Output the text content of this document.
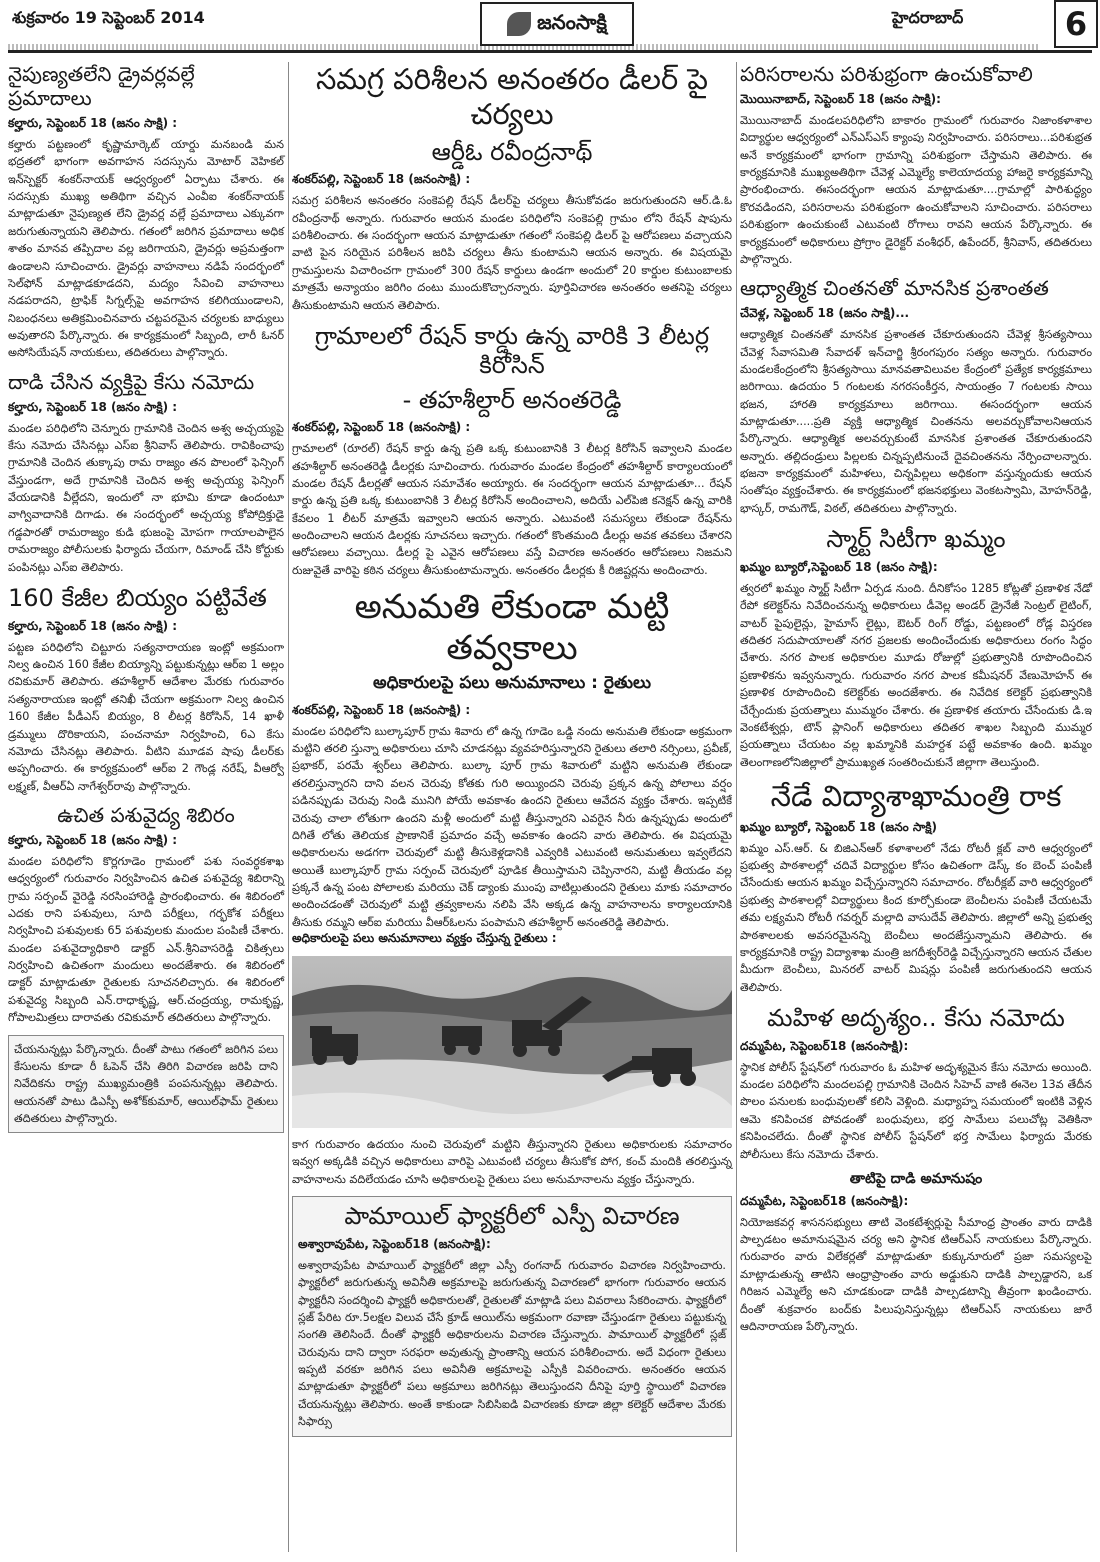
శుక్రవారం 19 సెప్టెంబర్ 2014	జనంసాక్షి	హైదరాబాద్	6
నైపుణ్యతలేని డ్రైవర్లవల్లే ప్రమాదాలు

కల్హారు, సెప్టెంబర్ 18 (జనం సాక్షి) :

కల్హారు పట్టణంలో కృష్ణామార్కెట్ యార్డు మనబండి మన భద్రతలో భాగంగా అవగాహన సదస్సును మోటార్ వెహికల్ ఇన్‌స్పెక్టర్ శంకర్‌నాయక్ ఆధ్వర్యంలో ఏర్పాటు చేశారు. ఈ సదస్సుకు ముఖ్య అతిథిగా వచ్చిన ఎంవీఐ శంకర్‌నాయక్ మాట్లాడుతూ నైపుణ్యత లేని డ్రైవర్ల వల్లే ప్రమాదాలు ఎక్కువగా జరుగుతున్నాయని తెలిపారు. గతంలో జరిగిన ప్రమాదాలు అధిక శాతం మానవ తప్పిదాల వల్ల జరిగాయని, డ్రైవర్లు అప్రమత్తంగా ఉండాలని సూచించారు. డ్రైవర్లు వాహనాలు నడిపే సందర్భంలో సెల్‌ఫోన్ మాట్లాడకూడదని, మద్యం సేవించి వాహనాలు నడపరాదని, ట్రాఫిక్ సిగ్నల్స్‌పై అవగాహన కలిగియుండాలని, నిబంధనలు అతిక్రమించినవారు చట్టపరమైన చర్యలకు బాధ్యులు అవుతారని పేర్కొన్నారు. ఈ కార్యక్రమంలో సిబ్బంది, లారీ ఓనర్ అసోసియేషన్ నాయకులు, తదితరులు పాల్గొన్నారు.

దాడి చేసిన వ్యక్తిపై కేసు నమోదు

కల్హారు, సెప్టెంబర్ 18 (జనం సాక్షి) :

మండల పరిధిలోని చెన్నూరు గ్రామానికి చెందిన అశ్వ అచ్చయ్యపై కేసు నమోదు చేసినట్లు ఎస్ఐ శ్రీనివాస్ తెలిపారు. రావికించాపు గ్రామానికి చెందిన తుక్కాపు రామ రాజ్యం తన పొలంలో ఫెన్సింగ్ వేస్తుండగా, అదే గ్రామానికి చెందిన అశ్వ అచ్చయ్య ఫెన్సింగ్ వేయడానికి వీల్లేదని, ఇందులో నా భూమి కూడా ఉందంటూ వాగ్వివాదానికి దిగాడు. ఈ సందర్భంలో అచ్చయ్య కోపోద్రిక్తుడై గడ్డపారతో రామరాజ్యం కుడి భుజంపై మోపగా గాయాలపాలైన రామరాజ్యం పోలీసులకు ఫిర్యాదు చేయగా, రిమాండ్ చేసి కోర్టుకు పంపినట్లు ఎస్ఐ తెలిపారు.

160 కేజీల బియ్యం పట్టివేత

కల్హారు, సెప్టెంబర్ 18 (జనం సాక్షి) :

పట్టణ పరిధిలోని చిట్టూరు సత్యనారాయణ ఇంట్లో అక్రమంగా నిల్వ ఉంచిన 160 కేజీల బియ్యాన్ని పట్టుకున్నట్లు ఆర్ఐ 1 అల్లం రవికుమార్ తెలిపారు. తహశీల్దార్ ఆదేశాల మేరకు గురువారం సత్యనారాయణ ఇంట్లో తనిఖీ చేయగా అక్రమంగా నిల్వ ఉంచిన 160 కేజీల పీడీఎస్ బియ్యం, 8 లీటర్ల కిరోసిన్, 14 ఖాళీ డ్రమ్ములు దొరికాయని, పంచనామా నిర్వహించి, 6ఎ కేసు నమోదు చేసినట్లు తెలిపారు. వీటిని మూడవ షాపు డీలర్‌కు అప్పగించారు. ఈ కార్యక్రమంలో ఆర్ఐ 2 గౌండ్ల నరేష్, వీఆర్వో లక్ష్మణ్, వీఆర్ఏ నాగేశ్వర్‌రావు పాల్గొన్నారు.

ఉచిత పశువైద్య శిబిరం

కల్హారు, సెప్టెంబర్ 18 (జనం సాక్షి) :

మండల పరిధిలోని కొర్లగూడెం గ్రామంలో పశు సంవర్ధకశాఖ ఆధ్వర్యంలో గురువారం నిర్వహించిన ఉచిత పశువైద్య శిబిరాన్ని గ్రామ సర్పంచ్ వైరెడ్డి నరసింహారెడ్డి ప్రారంభించారు. ఈ శిబిరంలో ఎదకు రాని పశువులు, సూది పరీక్షలు, గర్భకోశ పరీక్షలు నిర్వహించి పశువులకు 65 పశువులకు మందుల పంపిణీ చేశారు. మండల పశువైద్యాధికారి డాక్టర్ ఎన్.శ్రీనివాసరెడ్డి చికిత్సలు నిర్వహించి ఉచితంగా మందులు అందజేశారు. ఈ శిబిరంలో డాక్టర్ మాట్లాడుతూ రైతులకు సూచనలిచ్చారు. ఈ శిబిరంలో పశువైద్య సిబ్బంది ఎన్.రాధాకృష్ణ, ఆర్.చంద్రయ్య, రామకృష్ణ, గోపాలమిత్రలు దారావతు రవికుమార్ తదితరులు పాల్గొన్నారు.

చేయనున్నట్లు పేర్కొన్నారు. దీంతో పాటు గతంలో జరిగిన పలు కేసులను కూడా రీ ఓపెన్ చేసి తిరిగి విచారణ జరిపి దాని నివేదికను రాష్ట్ర ముఖ్యమంత్రికి పంపనున్నట్లు తెలిపారు. ఆయనతో పాటు డిఎస్పీ అశోక్‌కుమార్, ఆయిల్‌ఫామ్ రైతులు తదితరులు పాల్గొన్నారు.

సమగ్ర పరిశీలన అనంతరం డీలర్ పై చర్యలు
ఆర్డీఓ రవీంద్రనాథ్

శంకర్‌పల్లి, సెప్టెంబర్ 18 (జనంసాక్షి) :

సమగ్ర పరిశీలన అనంతరం సంకెపల్లి రేషన్ డీలర్‌పై చర్యలు తీసుకోవడం జరుగుతుందని ఆర్.డి.ఓ రవీంద్రనాథ్ అన్నారు. గురువారం ఆయన మండల పరిధిలోని సంకెపల్లి గ్రామం లోని రేషన్ షాపును పరిశీలించారు. ఈ సందర్భంగా ఆయన మాట్లాడుతూ గతంలో సంకెపల్లి డిలర్ పై ఆరోపణలు వచ్చాయని వాటి పైన సరియైన పరిశీలన జరిపి చర్యలు తీసు కుంటామని ఆయన అన్నారు. ఈ విషయమై గ్రామస్తులను విచారించగా గ్రామంలో 300 రేషన్ కార్డులు ఉండగా అందులో 20 కార్డుల కుటుంబాలకు మాత్రమే అన్యాయం జరిగిం దంటు ముందుకొచ్చారన్నారు. పూర్తివిచారణ అనంతరం అతనిపై చర్యలు తీసుకుంటామని ఆయన తెలిపారు.

గ్రామాలలో రేషన్ కార్డు ఉన్న వారికి 3 లీటర్ల కిరోసిన్
- తహశీల్దార్ అనంతరెడ్డి

శంకర్‌పల్లి, సెప్టెంబర్ 18 (జనంసాక్షి) :

గ్రామాలలో (రూరల్) రేషన్ కార్డు ఉన్న ప్రతి ఒక్క కుటుంబానికి 3 లీటర్ల కిరోసిన్ ఇవ్వాలని మండల తహశీల్దార్ అనంతరెడ్డి డీలర్లకు సూచించారు. గురువారం మండల కేంద్రంలో తహశీల్దార్ కార్యాలయంలో మండల రేషన్ డీలర్లతో ఆయన సమావేశం అయ్యారు. ఈ సందర్భంగా ఆయన మాట్లాడుతూ... రేషన్ కార్డు ఉన్న ప్రతి ఒక్క కుటుంబానికి 3 లీటర్ల కిరోసిన్ అందించాలని, అదియే ఎల్‌పిజి కనెక్షన్ ఉన్న వారికి కేవలం 1 లీటర్ మాత్రమే ఇవ్వాలని ఆయన అన్నారు. ఎటువంటి సమస్యలు లేకుండా రేషన్‌ను అందించాలని ఆయన డిలర్లకు సూచనలు ఇచ్చారు. గతంలో కొంతమంది డీలర్లు అవక తవకలు చేశారని ఆరోపణలు వచ్చాయి. డీలర్ల పై ఎవైన ఆరోపణలు వస్తే విచారణ అనంతరం ఆరోపణలు నిజమని రుజువైతే వారిపై కఠిన చర్యలు తీసుకుంటామన్నారు. అనంతరం డీలర్లకు కీ రిజిష్టర్లను అందించారు.

అనుమతి లేకుండా మట్టి తవ్వకాలు

అధికారులపై పలు అనుమానాలు : రైతులు

శంకర్‌పల్లి, సెప్టెంబర్ 18 (జనంసాక్షి) :

మండల పరిధిలోని బుల్కాపూర్ గ్రామ శివారు లో ఉన్న గూడెం ఒడ్డి నందు అనుమతి లేకుండా అక్రమంగా మట్టిని తరలి స్తున్నా అధికారులు చూసి చూడనట్లు వ్యవహరిస్తున్నారని రైతులు తలారి నర్సింలు, ప్రవీణ్, ప్రభాకర్, పరమే శ్వర్‌లు తెలిపారు. బుల్కా పూర్ గ్రామ శివారులో మట్టిని అనుమతి లేకుండా తరలిస్తున్నారని దాని వలన చెరువు కోతకు గురి అయ్యిందని చెరువు ప్రక్కన ఉన్న పోలాలు వర్షం పడినప్పుడు చెరువు నిండి మునిగి పోయే అవకాశం ఉందని రైతులు ఆవేదన వ్యక్తం చేశారు. ఇప్పటికే చెరువు చాలా లోతుగా ఉందని మళ్లీ అందులో మట్టి తీస్తున్నారని ఎవరైన నీరు ఉన్నప్పుడు అందులో దిగితే లోతు తెలియక ప్రాణానికే ప్రమాదం వచ్చే అవకాశం ఉందని వారు తెలిపారు. ఈ విషయమై అధికారులను అడగగా చెరువులో మట్టి తీసుకెళ్లడానికి ఎవ్వరికి ఎటువంటి అనుమతులు ఇవ్వలేదని అయితే బుల్కాపూర్ గ్రామ సర్పంచ్ చెరువులో పూడిక తీయిస్తామని చెప్పినారని, మట్టి తీయడం వల్ల ప్రక్కనే ఉన్న పంట పోలాలకు మరియు చెక్ డ్యాంకు ముంపు వాటిల్లుతుందని రైతులు మాకు సమాచారం అందించడంతో చెరువులో మట్టి త్రవ్వకాలను నలిపి వేసి అక్కడ ఉన్న వాహనాలను కార్యాలయానికి తీసుకు రమ్మని ఆర్ఐ మరియు వీఆర్ఓలను పంపామని తహశీల్దార్ అనంతరెడ్డి తెలిపారు.

అధికారులపై పలు అనుమానాలు వ్యక్తం చేస్తున్న రైతులు :

కాగ గురువారం ఉదయం నుంచి చెరువులో మట్టిని తీస్తున్నారని రైతులు అధికారులకు సమాచారం ఇవ్వగ అక్కడికి వచ్చిన అధికారులు వారిపై ఎటువంటి చర్యలు తీసుకోక పోగ, కంచ్ మందికి తరలిస్తున్న వాహనాలను వదిలేయడం చూసి అధికారులపై రైతులు పలు అనుమానాలను వ్యక్తం చేస్తున్నారు.

పామాయిల్ ఫ్యాక్టరీలో ఎస్పీ విచారణ

అశ్వారావుపేట, సెప్టెంబర్18 (జనంసాక్షి):

అశ్వారావుపేట పామాయిల్ ఫ్యాక్టరీలో జిల్లా ఎస్పీ రంగనాద్ గురువారం విచారణ నిర్వహించారు. ఫ్యాక్టరీలో జరుగుతున్న అవినీతి అక్రమాలపై జరుగుతున్న విచారణలో భాగంగా గురువారం ఆయన ఫ్యాక్టరీని సందర్శించి ఫ్యాక్టరీ అధికారులతో, రైతులతో మాట్లాడి పలు వివరాలు సేకరించారు. ఫ్యాక్టరీలో స్లజ్ పేరిట రూ.5లక్షల విలువ చేసే క్రూడ్ ఆయిల్‌ను అక్రమంగా రవాణా చేస్తుండగా రైతులు పట్టుకున్న సంగతి తెలిసిందే. దీంతో ఫ్యాక్టరీ అధికారులను విచారణ చేస్తున్నారు. పామాయిల్ ఫ్యాక్టరీలో స్లజ్ చెరువును దాని ద్వారా సరఫరా అవుతున్న ప్రాంతాన్ని ఆయన పరిశీలించారు. అదే విధంగా రైతులు ఇప్పటి వరకూ జరిగిన పలు అవినీతి అక్రమాలపై ఎస్పీకి వివరించారు. అనంతరం ఆయన మాట్లాడుతూ ఫ్యాక్టరీలో పలు అక్రమాలు జరిగినట్లు తెలుస్తుందని దీనిపై పూర్తి స్థాయిలో విచారణ చేయనున్నట్లు తెలిపారు. అంతే కాకుండా సిబిసిఐడి విచారణకు కూడా జిల్లా కలెక్టర్ ఆదేశాల మేరకు సిఫార్సు

పరిసరాలను పరిశుభ్రంగా ఉంచుకోవాలి

మొయినాబాద్, సెప్టెంబర్ 18 (జనం సాక్షి):

మొయినాబాద్ మండలపరిధిలోని బాకారం గ్రామంలో గురువారం నిజాంకళాశాల విద్యార్థుల ఆధ్వర్యంలో ఎన్ఎస్ఎస్ క్యాంపు నిర్వహించారు. పరిసరాలు...పరిశుభ్రత అనే కార్యక్రమంలో భాగంగా గ్రామాన్ని పరిశుభ్రంగా చేస్తామని తెలిపారు. ఈ కార్యక్రమానికి ముఖ్యఅతిథిగా చేవెళ్ల ఎమ్మెల్యే కాలెయాదయ్య హాజరై కార్యక్రమాన్ని ప్రారంభించారు. ఈసందర్భంగా ఆయన మాట్లాడుతూ....గ్రామాల్లో పారిశుద్ధ్యం కొరవడిందని, పరిసరాలను పరిశుభ్రంగా ఉంచుకోవాలని సూచించారు. పరిసరాలు పరిశుభ్రంగా ఉంచుకుంటే ఎటువంటి రోగాలు రావని ఆయన పేర్కొన్నారు. ఈ కార్యక్రమంలో అధికారులు ప్రోగ్రాం డైరెక్టర్ వంశీధర్, ఉపేందర్, శ్రీనివాస్, తదితరులు పాల్గొన్నారు.

ఆధ్యాత్మిక చింతనతో మానసిక ప్రశాంతత

చేవెళ్ల, సెప్టెంబర్ 18 (జనం సాక్షి)...

ఆధ్యాత్మిక చింతనతో మానసిక ప్రశాంతత చేకూరుతుందని చేవెళ్ల శ్రీసత్యసాయి చేవెళ్ల సేవాసమితి సేవాదళ్ ఇన్‌చార్జి శ్రీరంగపురం సత్యం అన్నారు. గురువారం మండలకేంద్రంలోని శ్రీసత్యసాయి మానవతావిలువల కేంద్రంలో ప్రత్యేక కార్యక్రమాలు జరిగాయి. ఉదయం 5 గంటలకు నగరసంకీర్తన, సాయంత్రం 7 గంటలకు సాయి భజన, హారతి కార్యక్రమాలు జరిగాయి. ఈసందర్భంగా ఆయన మాట్లాడుతూ.....ప్రతి వ్యక్తి ఆధ్యాత్మిక చింతనను అలవర్చుకోవాలనిఆయన పేర్కొన్నారు. ఆధ్యాత్మిక అలవర్చుకుంటే మానసిక ప్రశాంతత చేకూరుతుందని అన్నారు. తల్లిదండ్రులు పిల్లలకు చిన్నప్పటినుంచే దైవచింతనను నేర్పించాలన్నారు. భజనా కార్యక్రమంలో మహిళలు, చిన్నపిల్లలు అధికంగా వస్తున్నందుకు ఆయన సంతోషం వ్యక్తంచేశారు. ఈ కార్యక్రమంలో భజనభక్తులు వెంకటస్వామి, మోహన్‌రెడ్డి, భాస్కర్, రామగౌడ్, విఠల్, తదితరులు పాల్గొన్నారు.

స్మార్ట్ సిటీగా ఖమ్మం

ఖమ్మం బ్యూరో,సెప్టెంబర్ 18 (జనం సాక్షి):

త్వరలో ఖమ్మం స్మార్ట్ సిటీగా ఏర్పడ నుంది. దీనికోసం 1285 కోట్లతో ప్రణాళిక నేడో రేపో కలెక్టర్‌ను నివేదించనున్న అధికారులు డీవెల్ల అండర్ డ్రైనేజీ సెంట్రల్ లైటింగ్, వాటర్ పైపులైన్లు, హైమాస్ లైట్లు, ఔటర్ రింగ్ రోడ్డు, పట్టణంలో రోడ్ల విస్తరణ తదితర సదుపాయాలతో నగర ప్రజలకు అందించేందుకు అధికారులు రంగం సిద్ధం చేశారు. నగర పాలక అధికారుల మూడు రోజుల్లో ప్రభుత్వానికి రూపొందించిన ప్రణాళికను ఇవ్వనున్నారు. గురువారం నగర పాలక కమీషనర్ వేణుమోహన్ ఈ ప్రణాళిక రూపొందించి కలెక్టర్‌కు అందజేశారు. ఈ నివేదిక కలెక్టర్ ప్రభుత్వానికి చేర్చేందుకు ప్రయత్నాలు ముమ్మరం చేశారు. ఈ ప్రణాళిక తయారు చేసేందుకు డి.ఇ వెంకటేశ్వర్లు, టౌన్ ప్లానింగ్ అధికారులు తదితర శాఖల సిబ్బంది ముమ్మర ప్రయత్నాలు చేయటం వల్ల ఖమ్మానికి మహర్దశ పట్టే అవకాశం ఉంది. ఖమ్మం తెలంగాణలోనిజిల్లాలో ప్రాముఖ్యత సంతరించుకునే జిల్లాగా తెలుస్తుంది.

నేడే విద్యాశాఖామంత్రి రాక

ఖమ్మం బ్యూరో, సెప్టెంబర్ 18 (జనం సాక్షి)

ఖమ్మం ఎస్.ఆర్. & బిజిఎన్ఆర్ కళాశాలలో నేడు రోటరీ క్లబ్ వారి ఆధ్వర్యంలో ప్రభుత్వ పాఠశాలల్లో చదివే విద్యార్థుల కోసం ఉచితంగా డెస్క్ కం బెంచ్ పంపిణీ చేసేందుకు ఆయన ఖమ్మం విచ్చేస్తున్నారని సమాచారం. రోటరీక్లబ్ వారి ఆధ్వర్యంలో ప్రభుత్వ పాఠశాలల్లో విద్యార్థులు కింద కూర్చోకుండా బెంచీలను పంపిణీ చేయటమే తమ లక్ష్యమని రోటరీ గవర్నర్ మల్లాది వాసుదేవ్ తెలిపారు. జిల్లాలో అన్ని ప్రభుత్వ పాఠశాలలకు అవసరమైనన్ని బెంచీలు అందజేస్తున్నామని తెలిపారు. ఈ కార్యక్రమానికి రాష్ట్ర విద్యాశాఖ మంత్రి జగదీశ్వర్‌రెడ్డి విచ్చేస్తున్నారని ఆయన చేతుల మీదుగా బెంచీలు, మినరల్ వాటర్ మిషన్లు పంపిణీ జరుగుతుందని ఆయన తెలిపారు.

మహిళ అదృశ్యం.. కేసు నమోదు

దమ్మపేట, సెప్టెంబర్18 (జనంసాక్షి):

స్థానిక పోలీస్ స్టేషన్‌లో గురువారం ఓ మహిళ అదృశ్యమైన కేసు నమోదు అయింది. మండల పరిధిలోని మందలపల్లి గ్రామానికి చెందిన సిహెచ్ వాణి ఈనెల 13వ తేదీన పొలం పనులకు బంధువులతో కలిసి వెళ్లింది. మధ్యాహ్న సమయంలో ఇంటికి వెళ్లిన ఆమె కనిపించక పోవడంతో బంధువులు, భర్త సామేలు పలుచోట్ల వెతికినా కనిపించలేదు. దీంతో స్థానిక పోలీస్ స్టేషన్‌లో భర్త సామేలు ఫిర్యాదు మేరకు పోలీసులు కేసు నమోదు చేశారు.

తాటిపై దాడి అమానుషం

దమ్మపేట, సెప్టెంబర్18 (జనంసాక్షి):

నియోజకవర్గ శాసనసభ్యులు తాటి వెంకటేశ్వర్లుపై సీమాంధ్ర ప్రాంతం వారు దాడికి పాల్పడటం అమానుషమైన చర్య అని స్థానిక టిఆర్ఎస్ నాయకులు పేర్కొన్నారు. గురువారం వారు విలేకర్లతో మాట్లాడుతూ కుక్కునూరులో ప్రజా సమస్యలపై మాట్లాడుతున్న తాటిని ఆంధ్రాప్రాంతం వారు అడ్డుకుని దాడికి పాల్పడ్డారని, ఒక గిరిజన ఎమ్మెల్యే అని చూడకుండా దాడికి పాల్పడటాన్ని తీవ్రంగా ఖండించారు. దీంతో శుక్రవారం బంద్‌కు పిలుపునిస్తున్నట్లు టిఆర్ఎస్ నాయకులు జారే ఆదినారాయణ పేర్కొన్నారు.
